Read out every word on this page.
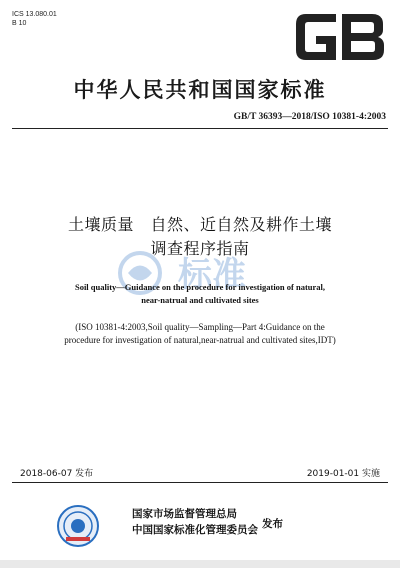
ICS 13.080.01
B 10
中华人民共和国国家标准
GB/T 36393—2018/ISO 10381-4:2003
土壤质量　自然、近自然及耕作土壤
调查程序指南
标准
Soil quality—Guidance on the procedure for investigation of natural,
near-natrual and cultivated sites
(ISO 10381-4:2003,Soil quality—Sampling—Part 4:Guidance on the
procedure for investigation of natural,near-natrual and cultivated sites,IDT)
2018-06-07 发布	2019-01-01 实施
国家市场监督管理总局
中国国家标准化管理委员会 发布
